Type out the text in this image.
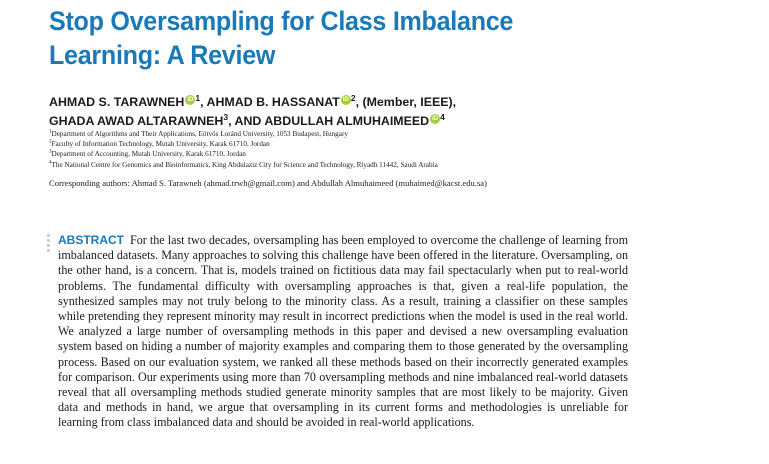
Stop Oversampling for Class Imbalance
Learning: A Review
AHMAD S. TARAWNEH iD $^1$, AHMAD B. HASSANAT iD $^2$, (Member, IEEE),
GHADA AWAD ALTARAWNEH$^3$, AND ABDULLAH ALMUHAIMEED iD $^4$
$^1$Department of Algorithms and Their Applications, Eötvös Loránd University, 1053 Budapest, Hungary
$^2$Faculty of Information Technology, Mutah University, Karak 61710, Jordan
$^3$Department of Accounting, Mutah University, Karak 61710, Jordan
$^4$The National Centre for Genomics and Bioinformatics, King Abdulaziz City for Science and Technology, Riyadh 11442, Saudi Arabia
Corresponding authors: Ahmad S. Tarawneh (ahmad.trwh@gmail.com) and Abdullah Almuhaimeed (muhaimed@kacst.edu.sa)
ABSTRACT For the last two decades, oversampling has been employed to overcome the challenge of learning from imbalanced datasets. Many approaches to solving this challenge have been offered in the literature. Oversampling, on the other hand, is a concern. That is, models trained on fictitious data may fail spectacularly when put to real-world problems. The fundamental difficulty with oversampling approaches is that, given a real-life population, the synthesized samples may not truly belong to the minority class. As a result, training a classifier on these samples while pretending they represent minority may result in incorrect predictions when the model is used in the real world. We analyzed a large number of oversampling methods in this paper and devised a new oversampling evaluation system based on hiding a number of majority examples and comparing them to those generated by the oversampling process. Based on our evaluation system, we ranked all these methods based on their incorrectly generated examples for comparison. Our experiments using more than 70 oversampling methods and nine imbalanced real-world datasets reveal that all oversampling methods studied generate minority samples that are most likely to be majority. Given data and methods in hand, we argue that oversampling in its current forms and methodologies is unreliable for learning from class imbalanced data and should be avoided in real-world applications.
